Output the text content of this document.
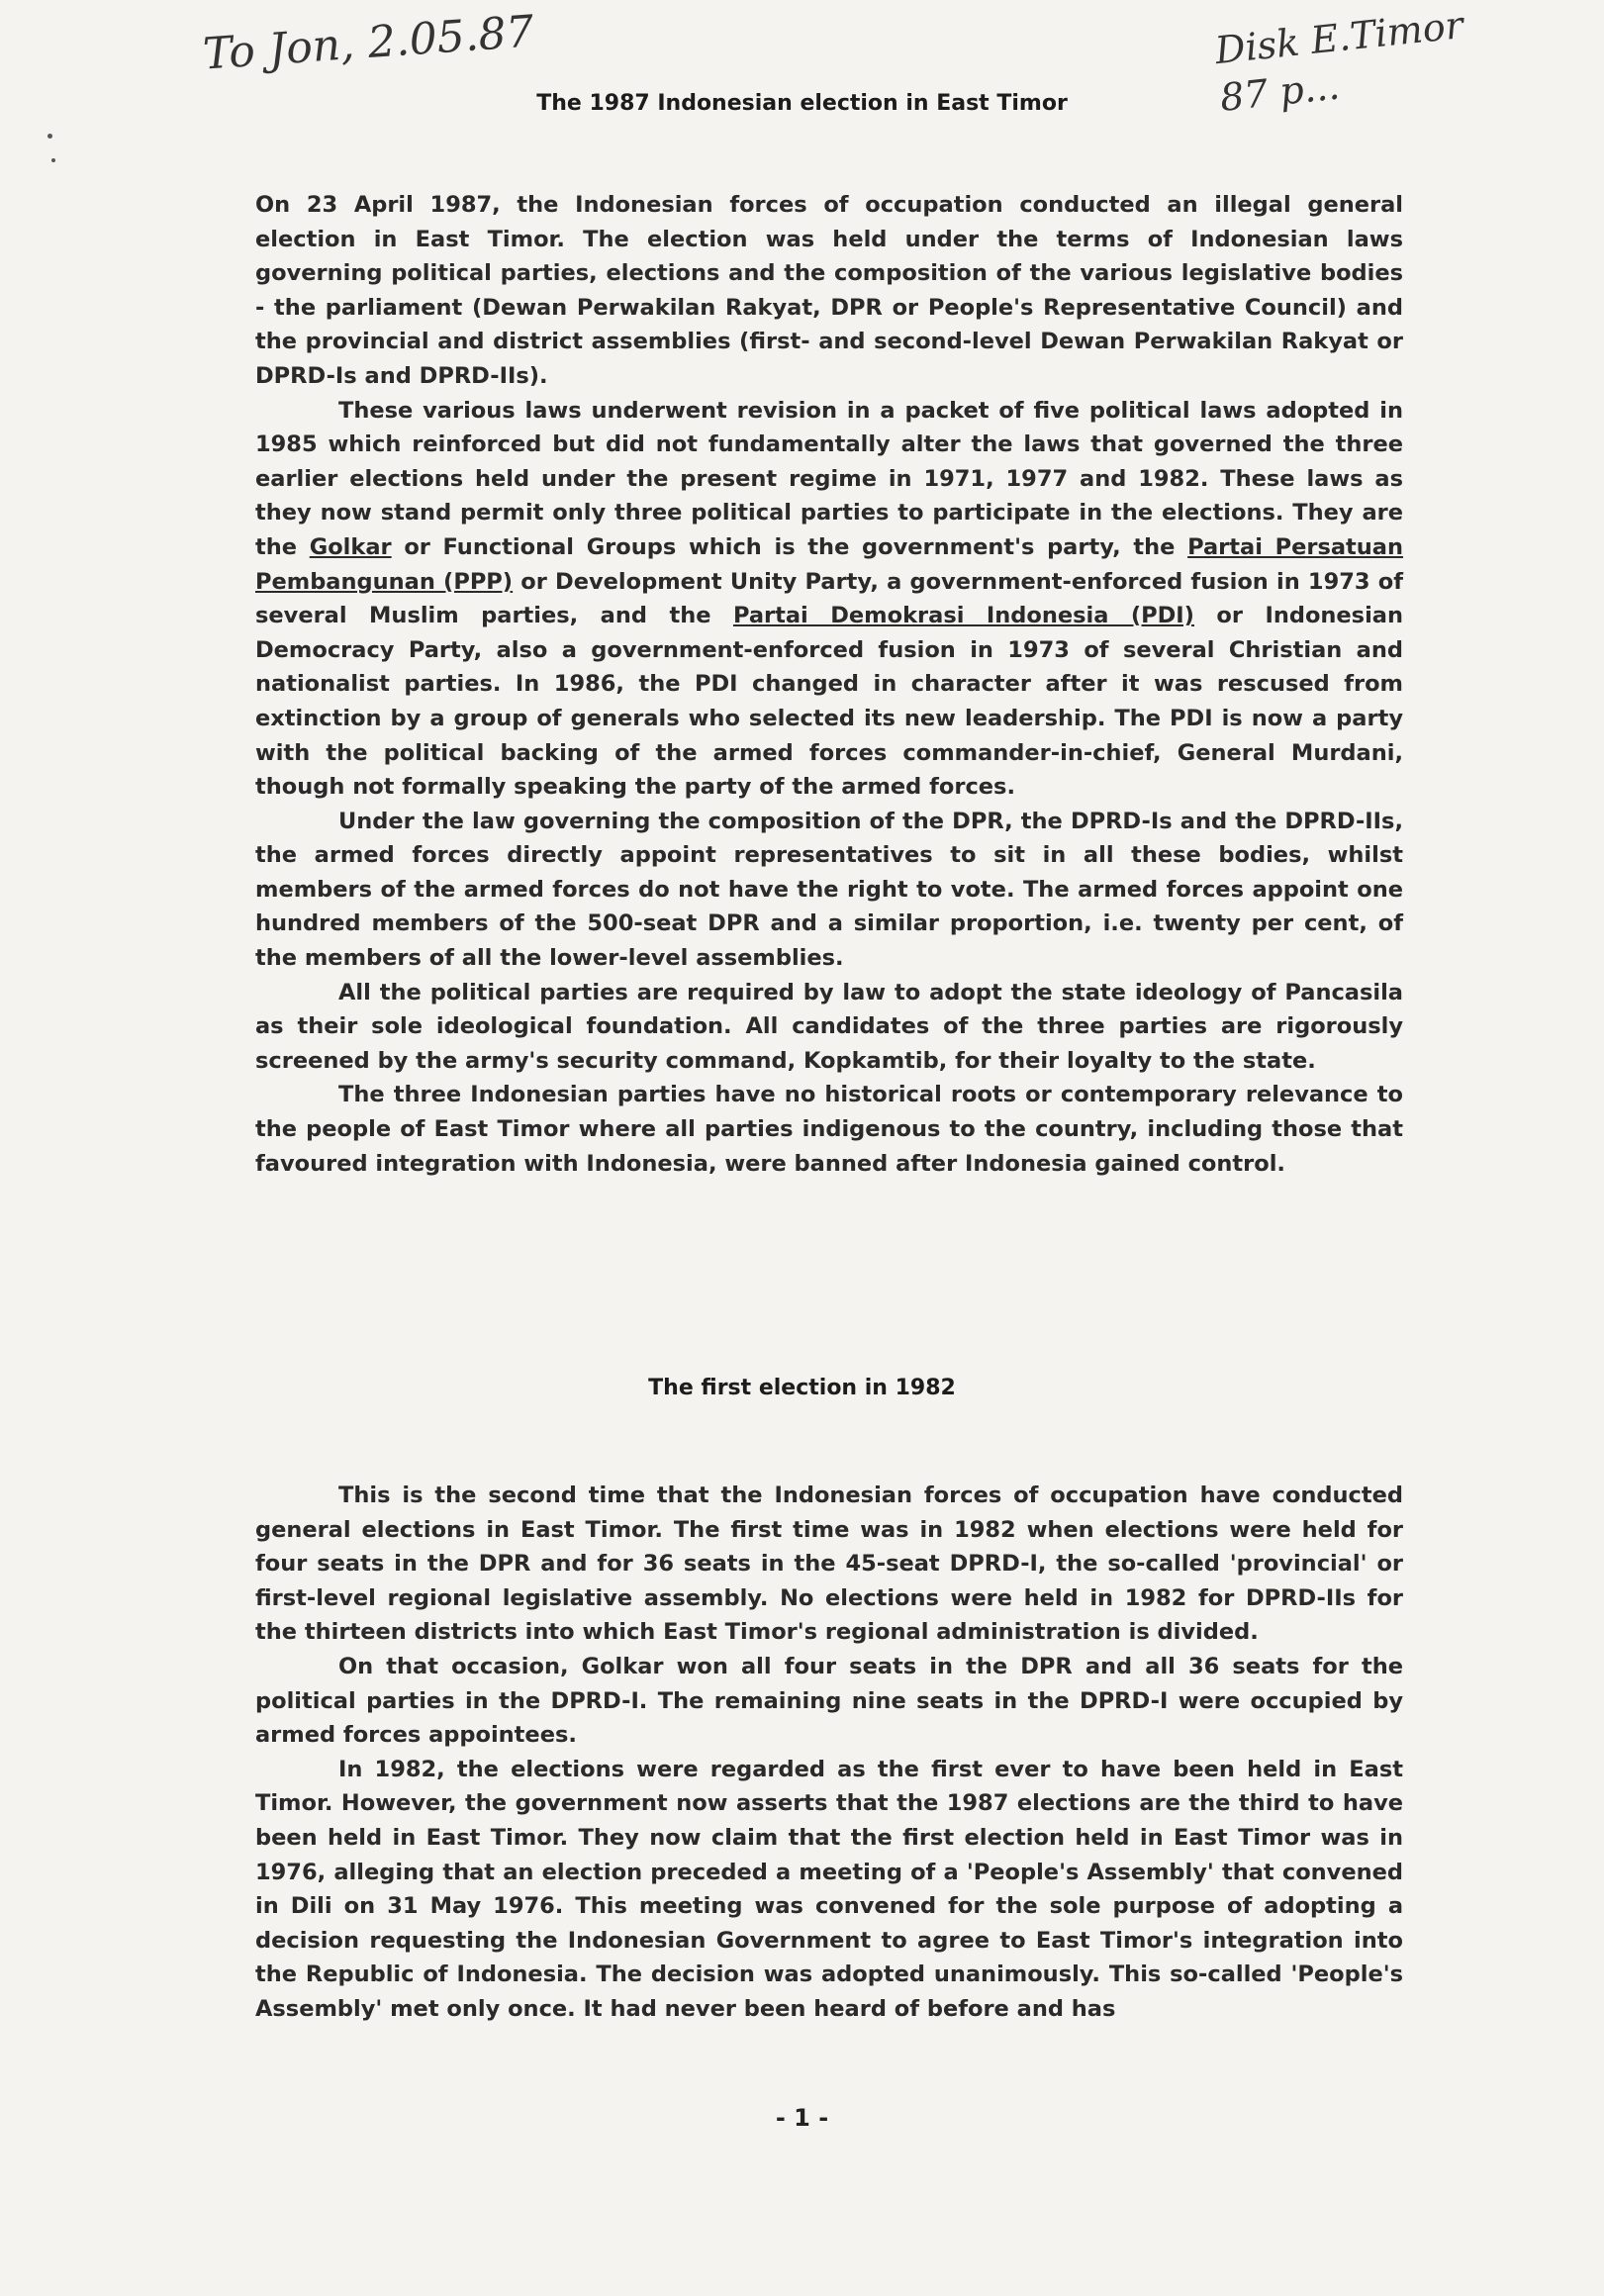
To Jon, 2.05.87	Disk E.Timor
87 p...
The 1987 Indonesian election in East Timor

On 23 April 1987, the Indonesian forces of occupation conducted an illegal general election in East Timor. The election was held under the terms of Indonesian laws governing political parties, elections and the composition of the various legislative bodies - the parliament (Dewan Perwakilan Rakyat, DPR or People's Representative Council) and the provincial and district assemblies (first- and second-level Dewan Perwakilan Rakyat or DPRD-Is and DPRD-IIs).

These various laws underwent revision in a packet of five political laws adopted in 1985 which reinforced but did not fundamentally alter the laws that governed the three earlier elections held under the present regime in 1971, 1977 and 1982. These laws as they now stand permit only three political parties to participate in the elections. They are the Golkar or Functional Groups which is the government's party, the Partai Persatuan Pembangunan (PPP) or Development Unity Party, a government-enforced fusion in 1973 of several Muslim parties, and the Partai Demokrasi Indonesia (PDI) or Indonesian Democracy Party, also a government-enforced fusion in 1973 of several Christian and nationalist parties. In 1986, the PDI changed in character after it was rescused from extinction by a group of generals who selected its new leadership. The PDI is now a party with the political backing of the armed forces commander-in-chief, General Murdani, though not formally speaking the party of the armed forces.

Under the law governing the composition of the DPR, the DPRD-Is and the DPRD-IIs, the armed forces directly appoint representatives to sit in all these bodies, whilst members of the armed forces do not have the right to vote. The armed forces appoint one hundred members of the 500-seat DPR and a similar proportion, i.e. twenty per cent, of the members of all the lower-level assemblies.

All the political parties are required by law to adopt the state ideology of Pancasila as their sole ideological foundation. All candidates of the three parties are rigorously screened by the army's security command, Kopkamtib, for their loyalty to the state.

The three Indonesian parties have no historical roots or contemporary relevance to the people of East Timor where all parties indigenous to the country, including those that favoured integration with Indonesia, were banned after Indonesia gained control.

The first election in 1982

This is the second time that the Indonesian forces of occupation have conducted general elections in East Timor. The first time was in 1982 when elections were held for four seats in the DPR and for 36 seats in the 45-seat DPRD-I, the so-called 'provincial' or first-level regional legislative assembly. No elections were held in 1982 for DPRD-IIs for the thirteen districts into which East Timor's regional administration is divided.

On that occasion, Golkar won all four seats in the DPR and all 36 seats for the political parties in the DPRD-I. The remaining nine seats in the DPRD-I were occupied by armed forces appointees.

In 1982, the elections were regarded as the first ever to have been held in East Timor. However, the government now asserts that the 1987 elections are the third to have been held in East Timor. They now claim that the first election held in East Timor was in 1976, alleging that an election preceded a meeting of a 'People's Assembly' that convened in Dili on 31 May 1976. This meeting was convened for the sole purpose of adopting a decision requesting the Indonesian Government to agree to East Timor's integration into the Republic of Indonesia. The decision was adopted unanimously. This so-called 'People's Assembly' met only once. It had never been heard of before and has

- 1 -
